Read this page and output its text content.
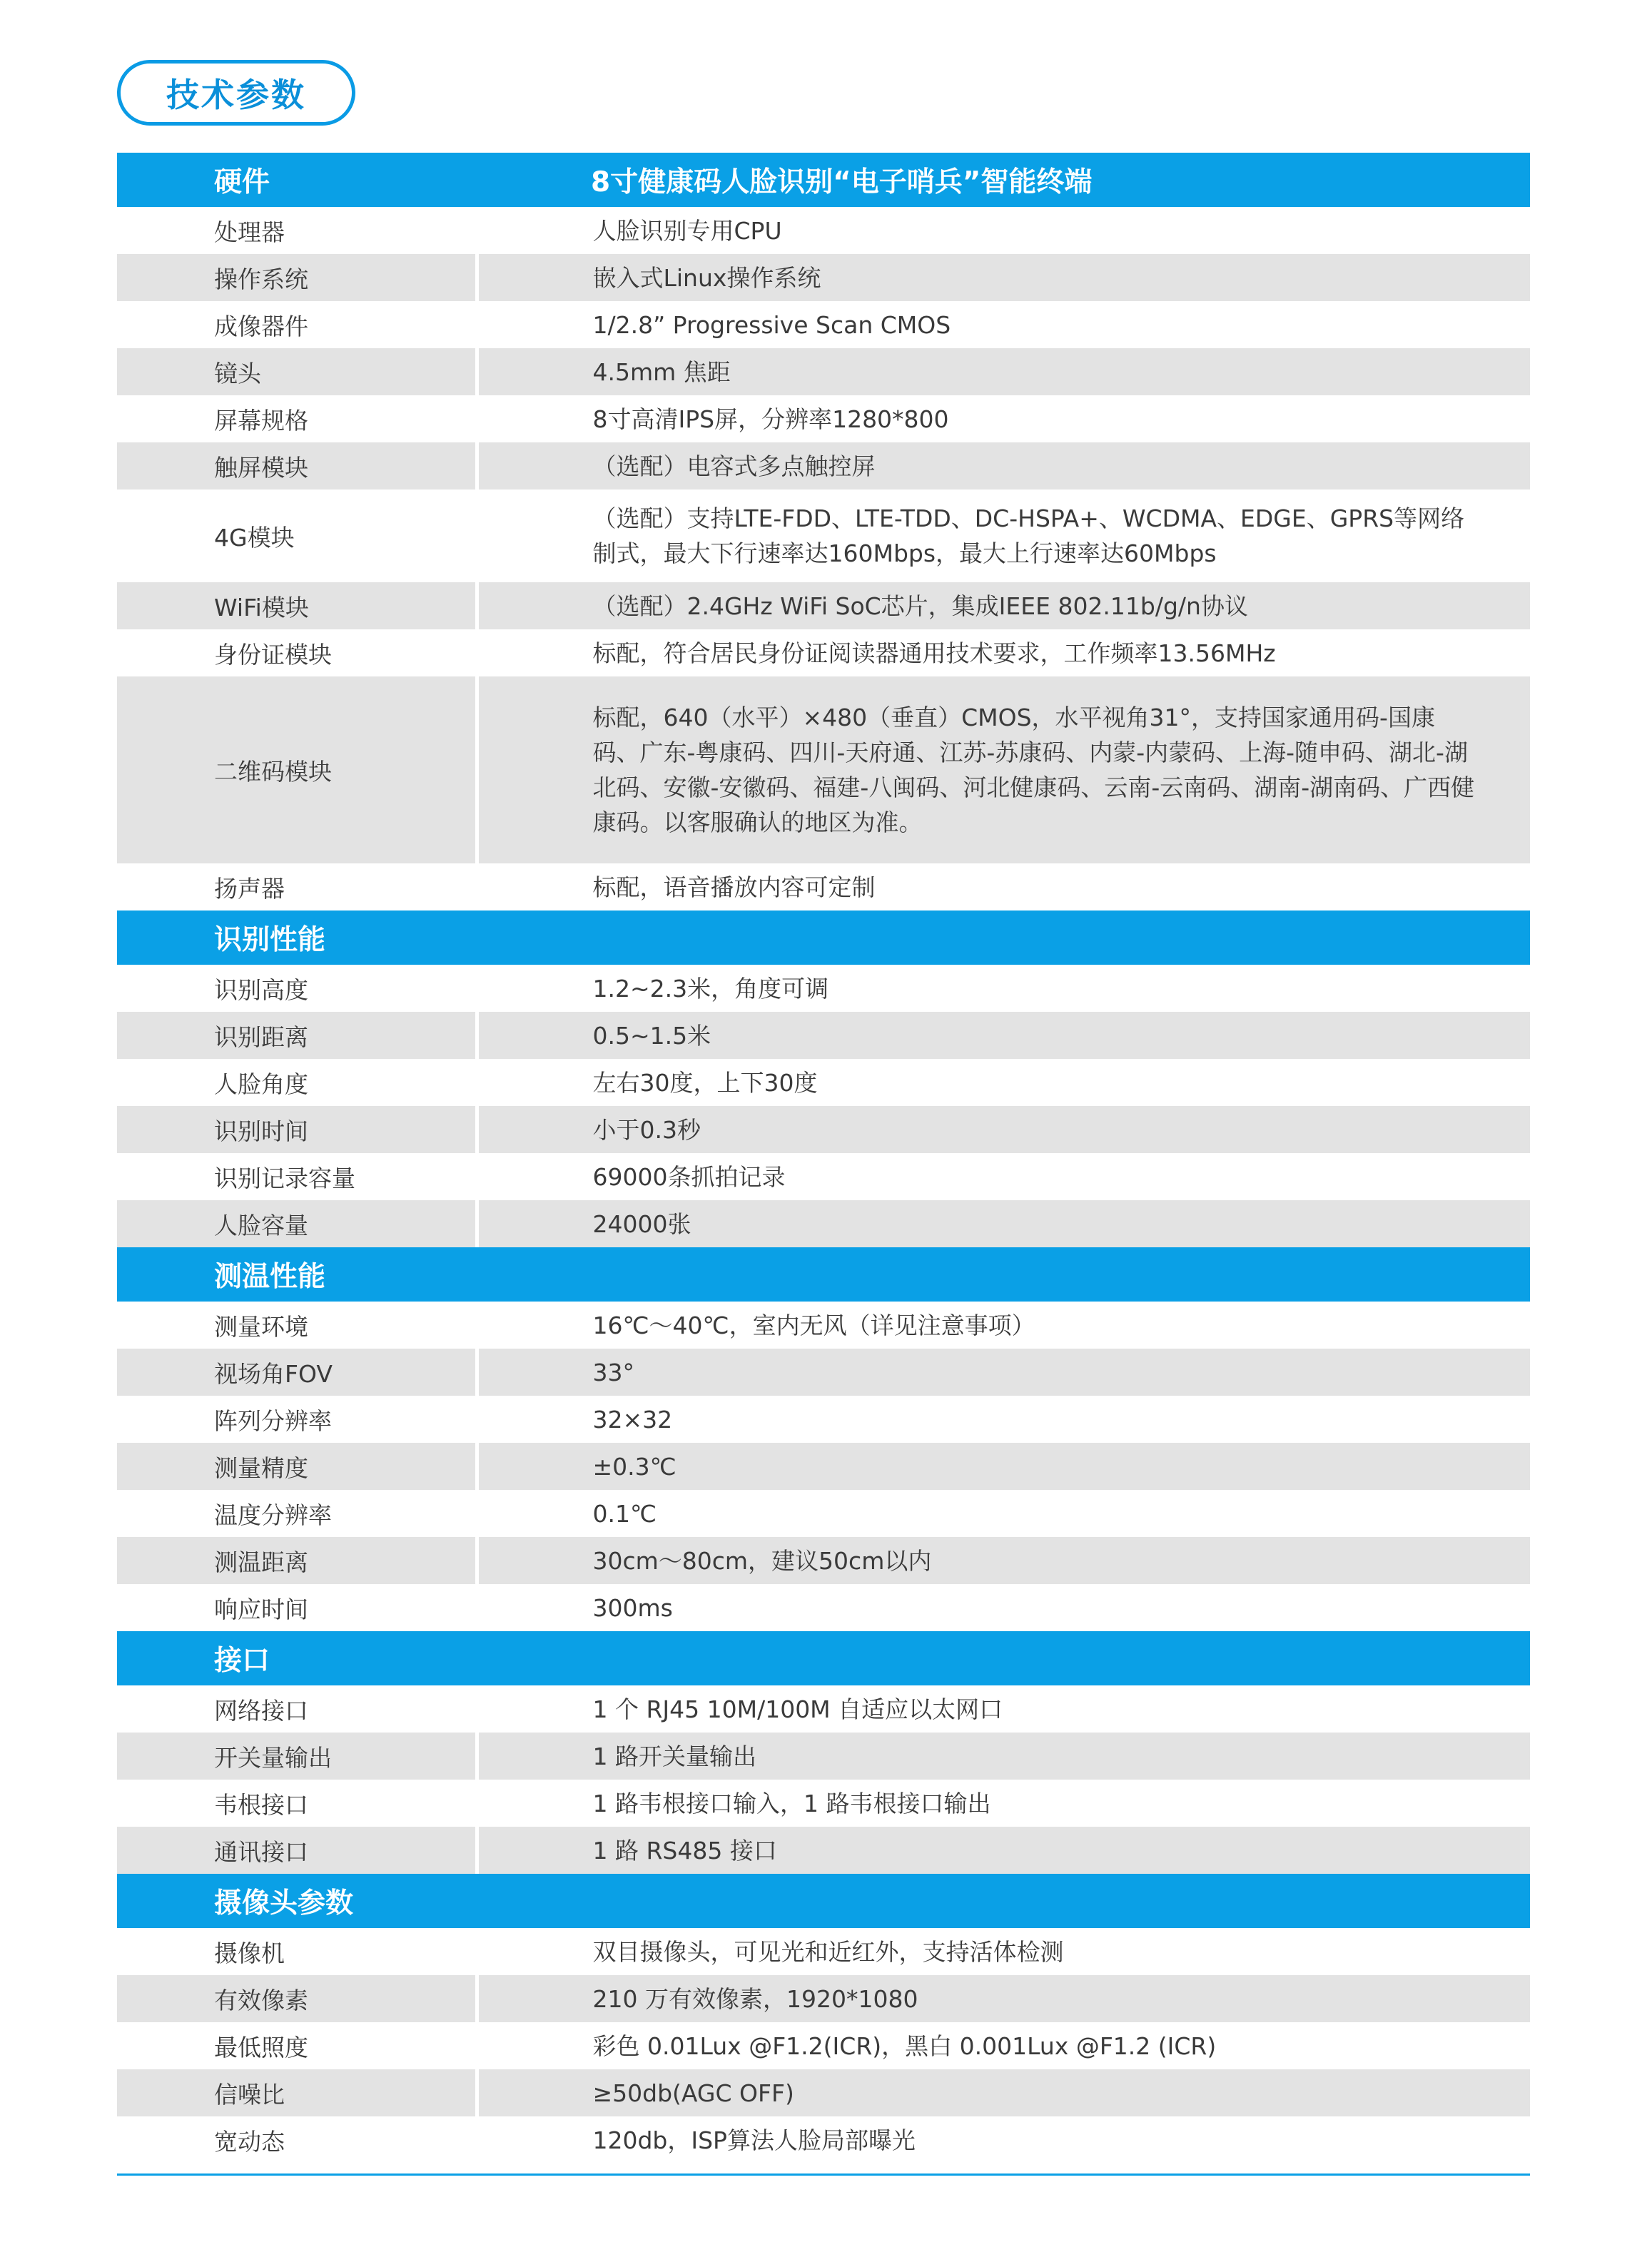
技术参数
硬件	8寸健康码人脸识别“电子哨兵”智能终端
处理器	人脸识别专用CPU
操作系统	嵌入式Linux操作系统
成像器件	1/2.8” Progressive Scan CMOS
镜头	4.5mm 焦距
屏幕规格	8寸高清IPS屏，分辨率1280*800
触屏模块	（选配）电容式多点触控屏
4G模块	（选配）支持LTE-FDD、LTE-TDD、DC-HSPA+、WCDMA、EDGE、GPRS等网络制式，最大下行速率达160Mbps，最大上行速率达60Mbps
WiFi模块	（选配）2.4GHz WiFi SoC芯片，集成IEEE 802.11b/g/n协议
身份证模块	标配，符合居民身份证阅读器通用技术要求，工作频率13.56MHz
二维码模块	标配，640（水平）×480（垂直）CMOS，水平视角31°，支持国家通用码-国康码、广东-粤康码、四川-天府通、江苏-苏康码、内蒙-内蒙码、上海-随申码、湖北-湖北码、安徽-安徽码、福建-八闽码、河北健康码、云南-云南码、湖南-湖南码、广西健康码。以客服确认的地区为准。
扬声器	标配，语音播放内容可定制
识别性能	
识别高度	1.2~2.3米，角度可调
识别距离	0.5~1.5米
人脸角度	左右30度，上下30度
识别时间	小于0.3秒
识别记录容量	69000条抓拍记录
人脸容量	24000张
测温性能	
测量环境	16℃～40℃，室内无风（详见注意事项）
视场角FOV	33°
阵列分辨率	32×32
测量精度	±0.3℃
温度分辨率	0.1℃
测温距离	30cm～80cm，建议50cm以内
响应时间	300ms
接口	
网络接口	1 个 RJ45 10M/100M 自适应以太网口
开关量输出	1 路开关量输出
韦根接口	1 路韦根接口输入，1 路韦根接口输出
通讯接口	1 路 RS485 接口
摄像头参数	
摄像机	双目摄像头，可见光和近红外，支持活体检测
有效像素	210 万有效像素，1920*1080
最低照度	彩色 0.01Lux @F1.2(ICR)，黑白 0.001Lux @F1.2 (ICR)
信噪比	≥50db(AGC OFF)
宽动态	120db，ISP算法人脸局部曝光
